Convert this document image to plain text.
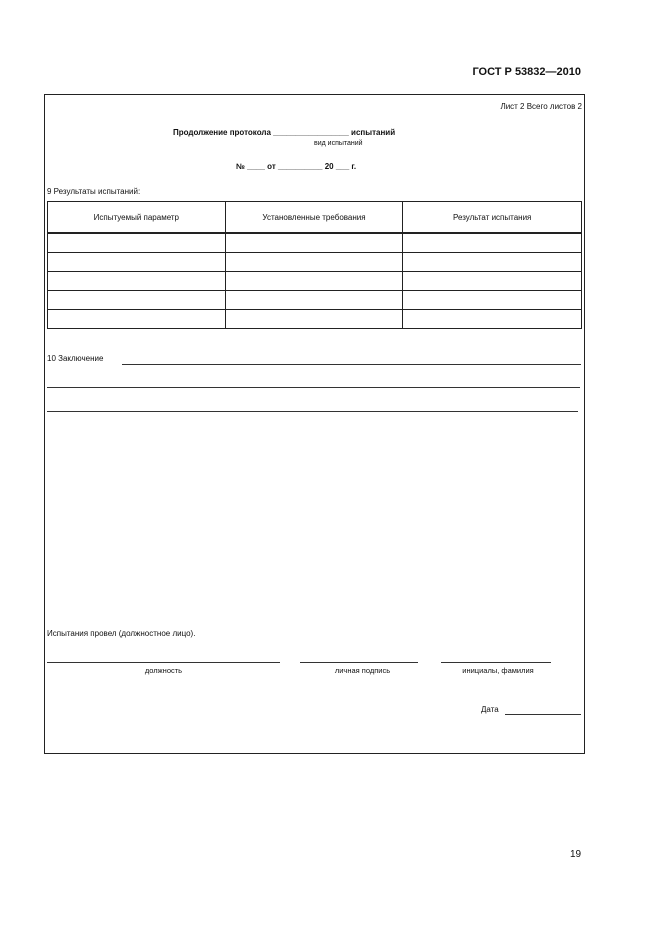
ГОСТ Р 53832—2010
Лист 2 Всего листов 2
Продолжение протокола _________________ испытаний
вид испытаний
№ ____ от __________ 20 ___ г.
9 Результаты испытаний:
Испытуемый параметр	Установленные требования	Результат испытания

10 Заключение
Испытания провел (должностное лицо).
должность	личная подпись	инициалы, фамилия
Дата
19
